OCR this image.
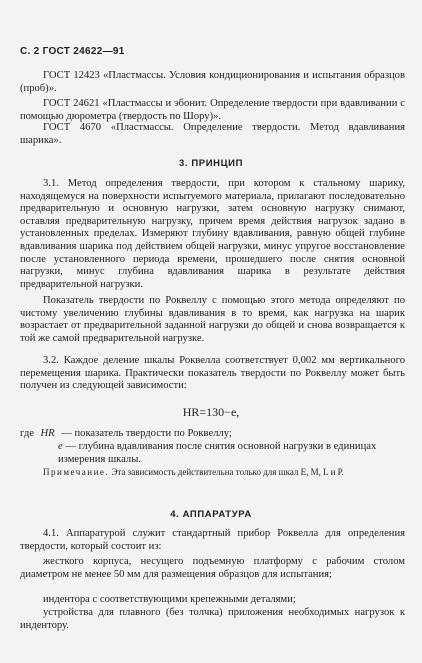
С. 2 ГОСТ 24622—91

ГОСТ 12423 «Пластмассы. Условия кондиционирования и испытания образцов (проб)».

ГОСТ 24621 «Пластмассы и эбонит. Определение твердости при вдавливании с помощью дюрометра (твердость по Шору)».

ГОСТ 4670 «Пластмассы. Определение твердости. Метод вдавливания шарика».

3. ПРИНЦИП

3.1. Метод определения твердости, при котором к стальному шарику, находящемуся на поверхности испытуемого материала, прилагают последовательно предварительную и основную нагрузки, затем основную нагрузку снимают, оставляя предварительную нагрузку, причем время действия нагрузок задано в установленных пределах. Измеряют глубину вдавливания, равную общей глубине вдавливания шарика под действием общей нагрузки, минус упругое восстановление после установленного периода времени, прошедшего после снятия основной нагрузки, минус глубина вдавливания шарика в результате действия предварительной нагрузки.

Показатель твердости по Роквеллу с помощью этого метода определяют по чистому увеличению глубины вдавливания в то время, как нагрузка на шарик возрастает от предварительной заданной нагрузки до общей и снова возвращается к той же самой предварительной нагрузке.

3.2. Каждое деление шкалы Роквелла соответствует 0,002 мм вертикального перемещения шарика. Практически показатель твердости по Роквеллу может быть получен из следующей зависимости:

HR=130−e,
где HR — показатель твердости по Роквеллу;
e — глубина вдавливания после снятия основной нагрузки в единицах измерения шкалы.
Примечание. Эта зависимость действительна только для шкал Е, М, L и Р.
4. АППАРАТУРА

4.1. Аппаратурой служит стандартный прибор Роквелла для определения твердости, который состоит из:

жесткого корпуса, несущего подъемную платформу с рабочим столом диаметром не менее 50 мм для размещения образцов для испытания;

индентора с соответствующими крепежными деталями;

устройства для плавного (без толчка) приложения необходимых нагрузок к индентору.
